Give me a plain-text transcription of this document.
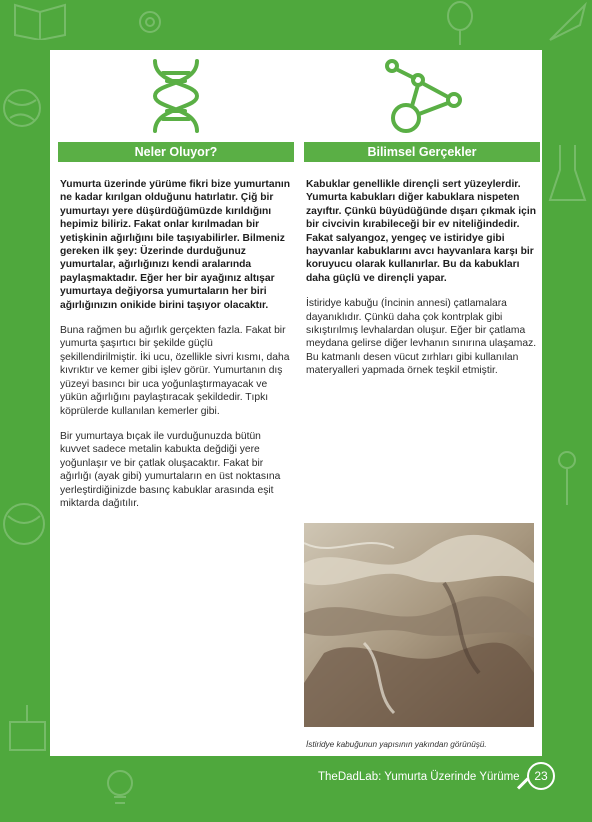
Neler Oluyor?

Yumurta üzerinde yürüme fikri bize yumurtanın ne kadar kırılgan olduğunu hatırlatır. Çiğ bir yumurtayı yere düşürdüğümüzde kırıldığını hepimiz biliriz. Fakat onlar kırılmadan bir yetişkinin ağırlığını bile taşıyabilirler. Bilmeniz gereken ilk şey: Üzerinde durduğunuz yumurtalar, ağırlığınızı kendi aralarında paylaşmaktadır. Eğer her bir ayağınız altışar yumurtaya değiyorsa yumurtaların her biri ağırlığınızın onikide birini taşıyor olacaktır.

Buna rağmen bu ağırlık gerçekten fazla. Fakat bir yumurta şaşırtıcı bir şekilde güçlü şekillendirilmiştir. İki ucu, özellikle sivri kısmı, daha kıvrıktır ve kemer gibi işlev görür. Yumurtanın dış yüzeyi basıncı bir uca yoğunlaştırmayacak ve yükün ağırlığını paylaştıracak şekildedir. Tıpkı köprülerde kullanılan kemerler gibi.

Bir yumurtaya bıçak ile vurduğunuzda bütün kuvvet sadece metalin kabukta değdiği yere yoğunlaşır ve bir çatlak oluşacaktır. Fakat bir ağırlığı (ayak gibi) yumurtaların en üst noktasına yerleştirdiğinizde basınç kabuklar arasında eşit miktarda dağıtılır.

Bilimsel Gerçekler

Kabuklar genellikle dirençli sert yüzeylerdir. Yumurta kabukları diğer kabuklara nispeten zayıftır. Çünkü büyüdüğünde dışarı çıkmak için bir civcivin kırabileceği bir ev niteliğindedir. Fakat salyangoz, yengeç ve istiridye gibi hayvanlar kabuklarını avcı hayvanlara karşı bir koruyucu olarak kullanırlar. Bu da kabukları daha güçlü ve dirençli yapar.

İstiridye kabuğu (İncinin annesi) çatlamalara dayanıklıdır. Çünkü daha çok kontrplak gibi sıkıştırılmış levhalardan oluşur. Eğer bir çatlama meydana gelirse diğer levhanın sınırına ulaşamaz. Bu katmanlı desen vücut zırhları gibi kullanılan materyalleri yapmada örnek teşkil etmiştir.

İstiridye kabuğunun yapısının yakından görünüşü.
TheDadLab: Yumurta Üzerinde Yürüme	23
